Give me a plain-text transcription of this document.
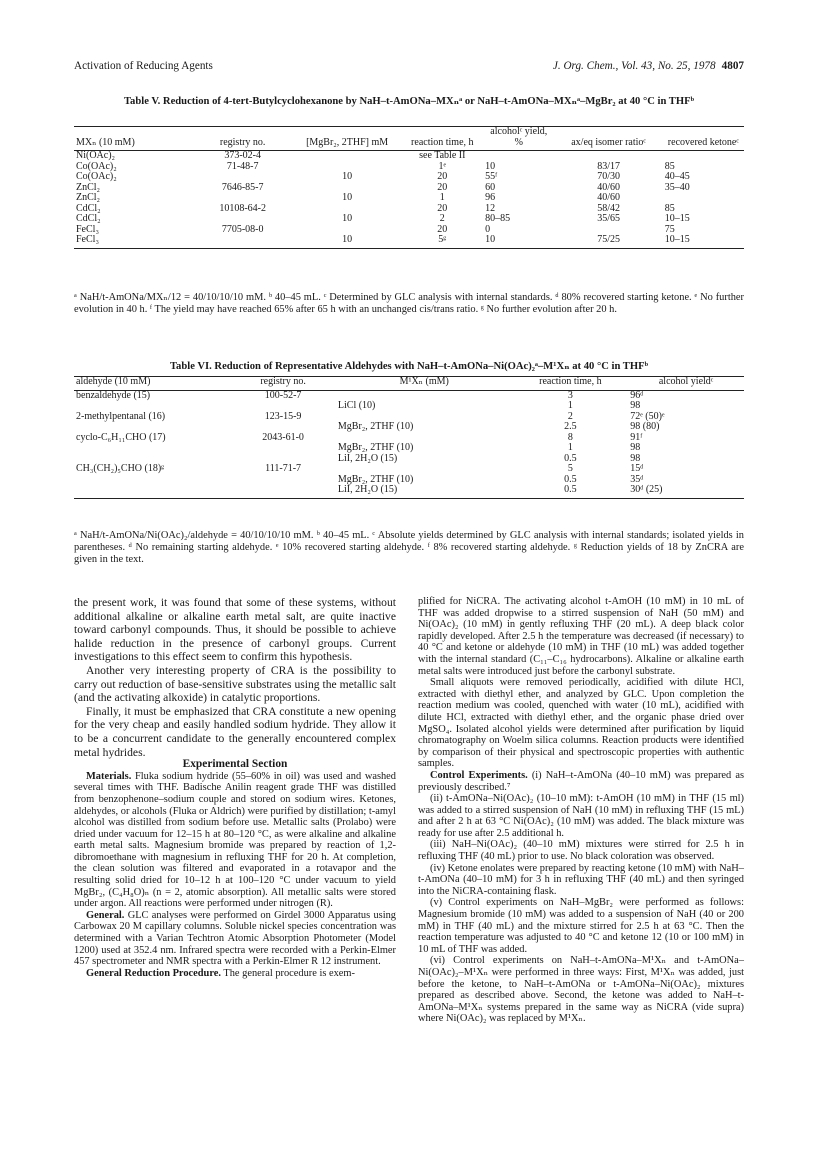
Activation of Reducing Agents	J. Org. Chem., Vol. 43, No. 25, 1978 4807
Table V. Reduction of 4-tert-Butylcyclohexanone by NaH–t-AmONa–MXₙᵃ or NaH–t-AmONa–MXₙᵃ–MgBr₂ at 40 °C in THFᵇ
MXₙ (10 mM)	registry no.	[MgBr₂, 2THF] mM	reaction time, h	alcoholᶜ yield, %	ax/eq isomer ratioᶜ	recovered ketoneᶜ
Ni(OAc)₂	373-02-4		see Table II			
Co(OAc)₂	71-48-7		1ᵉ	10	83/17	85
Co(OAc)₂		10	20	55ᶠ	70/30	40–45
ZnCl₂	7646-85-7		20	60	40/60	35–40
ZnCl₂		10	1	96	40/60	
CdCl₂	10108-64-2		20	12	58/42	85
CdCl₂		10	2	80–85	35/65	10–15
FeCl₃	7705-08-0		20	0		75
FeCl₃		10	5ᵍ	10	75/25	10–15
ᵃ NaH/t-AmONa/MXₙ/12 = 40/10/10/10 mM. ᵇ 40–45 mL. ᶜ Determined by GLC analysis with internal standards. ᵈ 80% recovered starting ketone. ᵉ No further evolution in 40 h. ᶠ The yield may have reached 65% after 65 h with an unchanged cis/trans ratio. ᵍ No further evolution after 20 h.
Table VI. Reduction of Representative Aldehydes with NaH–t-AmONa–Ni(OAc)₂ᵃ–M¹Xₙ at 40 °C in THFᵇ
aldehyde (10 mM)	registry no.	M¹Xₙ (mM)	reaction time, h	alcohol yieldᶜ
benzaldehyde (15)	100-52-7		3	96ᵈ
		LiCl (10)	1	98
2-methylpentanal (16)	123-15-9		2	72ᵉ (50)ᵉ
		MgBr₂, 2THF (10)	2.5	98 (80)
cyclo-C₆H₁₁CHO (17)	2043-61-0		8	91ᶠ
		MgBr₂, 2THF (10)	1	98
		LiI, 2H₂O (15)	0.5	98
CH₃(CH₂)₅CHO (18)ᵍ	111-71-7		5	15ᵈ
		MgBr₂, 2THF (10)	0.5	35ᵈ
		LiI, 2H₂O (15)	0.5	30ᵈ (25)
ᵃ NaH/t-AmONa/Ni(OAc)₂/aldehyde = 40/10/10/10 mM. ᵇ 40–45 mL. ᶜ Absolute yields determined by GLC analysis with internal standards; isolated yields in parentheses. ᵈ No remaining starting aldehyde. ᵉ 10% recovered starting aldehyde. ᶠ 8% recovered starting aldehyde. ᵍ Reduction yields of 18 by ZnCRA are given in the text.

the present work, it was found that some of these systems, without additional alkaline or alkaline earth metal salt, are quite inactive toward carbonyl compounds. Thus, it should be possible to achieve halide reduction in the presence of carbonyl groups. Current investigations to this effect seem to confirm this hypothesis.

Another very interesting property of CRA is the possibility to carry out reduction of base-sensitive substrates using the metallic salt (and the activating alkoxide) in catalytic proportions.

Finally, it must be emphasized that CRA constitute a new opening for the very cheap and easily handled sodium hydride. They allow it to be a concurrent candidate to the generally encountered complex metal hydrides.

Experimental Section

Materials. Fluka sodium hydride (55–60% in oil) was used and washed several times with THF. Badische Anilin reagent grade THF was distilled from benzophenone–sodium couple and stored on sodium wires. Ketones, aldehydes, or alcohols (Fluka or Aldrich) were purified by distillation; t-amyl alcohol was distilled from sodium before use. Metallic salts (Prolabo) were dried under vacuum for 12–15 h at 80–120 °C, as were alkaline and alkaline earth metal salts. Magnesium bromide was prepared by reaction of 1,2-dibromoethane with magnesium in refluxing THF for 20 h. At completion, the clean solution was filtered and evaporated in a rotavapor and the resulting solid dried for 10–12 h at 100–120 °C under vacuum to yield MgBr₂, (C₄H₈O)ₙ (n = 2, atomic absorption). All metallic salts were stored under argon. All reactions were performed under nitrogen (R).

General. GLC analyses were performed on Girdel 3000 Apparatus using Carbowax 20 M capillary columns. Soluble nickel species concentration was determined with a Varian Techtron Atomic Absorption Photometer (Model 1200) used at 352.4 nm. Infrared spectra were recorded with a Perkin-Elmer 457 spectrometer and NMR spectra with a Perkin-Elmer R 12 instrument.

General Reduction Procedure. The general procedure is exem-

plified for NiCRA. The activating alcohol t-AmOH (10 mM) in 10 mL of THF was added dropwise to a stirred suspension of NaH (50 mM) and Ni(OAc)₂ (10 mM) in gently refluxing THF (20 mL). A deep black color rapidly developed. After 2.5 h the temperature was decreased (if necessary) to 40 °C and ketone or aldehyde (10 mM) in THF (10 mL) was added together with the internal standard (C₁₁–C₁₆ hydrocarbons). Alkaline or alkaline earth metal salts were introduced just before the carbonyl substrate.

Small aliquots were removed periodically, acidified with dilute HCl, extracted with diethyl ether, and analyzed by GLC. Upon completion the reaction medium was cooled, quenched with water (10 mL), acidified with dilute HCl, extracted with diethyl ether, and the organic phase dried over MgSO₄. Isolated alcohol yields were determined after purification by liquid chromatography on Woelm silica columns. Reaction products were identified by comparison of their physical and spectroscopic properties with authentic samples.

Control Experiments. (i) NaH–t-AmONa (40–10 mM) was prepared as previously described.⁷

(ii) t-AmONa–Ni(OAc)₂ (10–10 mM): t-AmOH (10 mM) in THF (15 ml) was added to a stirred suspension of NaH (10 mM) in refluxing THF (15 mL) and after 2 h at 63 °C Ni(OAc)₂ (10 mM) was added. The black mixture was ready for use after 2.5 additional h.

(iii) NaH–Ni(OAc)₂ (40–10 mM) mixtures were stirred for 2.5 h in refluxing THF (40 mL) prior to use. No black coloration was observed.

(iv) Ketone enolates were prepared by reacting ketone (10 mM) with NaH–t-AmONa (40–10 mM) for 3 h in refluxing THF (40 mL) and then syringed into the NiCRA-containing flask.

(v) Control experiments on NaH–MgBr₂ were performed as follows: Magnesium bromide (10 mM) was added to a suspension of NaH (40 or 200 mM) in THF (40 mL) and the mixture stirred for 2.5 h at 63 °C. Then the reaction temperature was adjusted to 40 °C and ketone 12 (10 or 100 mM) in 10 mL of THF was added.

(vi) Control experiments on NaH–t-AmONa–M¹Xₙ and t-AmONa–Ni(OAc)₂–M¹Xₙ were performed in three ways: First, M¹Xₙ was added, just before the ketone, to NaH–t-AmONa or t-AmONa–Ni(OAc)₂ mixtures prepared as described above. Second, the ketone was added to NaH–t-AmONa–M¹Xₙ systems prepared in the same way as NiCRA (vide supra) where Ni(OAc)₂ was replaced by M¹Xₙ.
